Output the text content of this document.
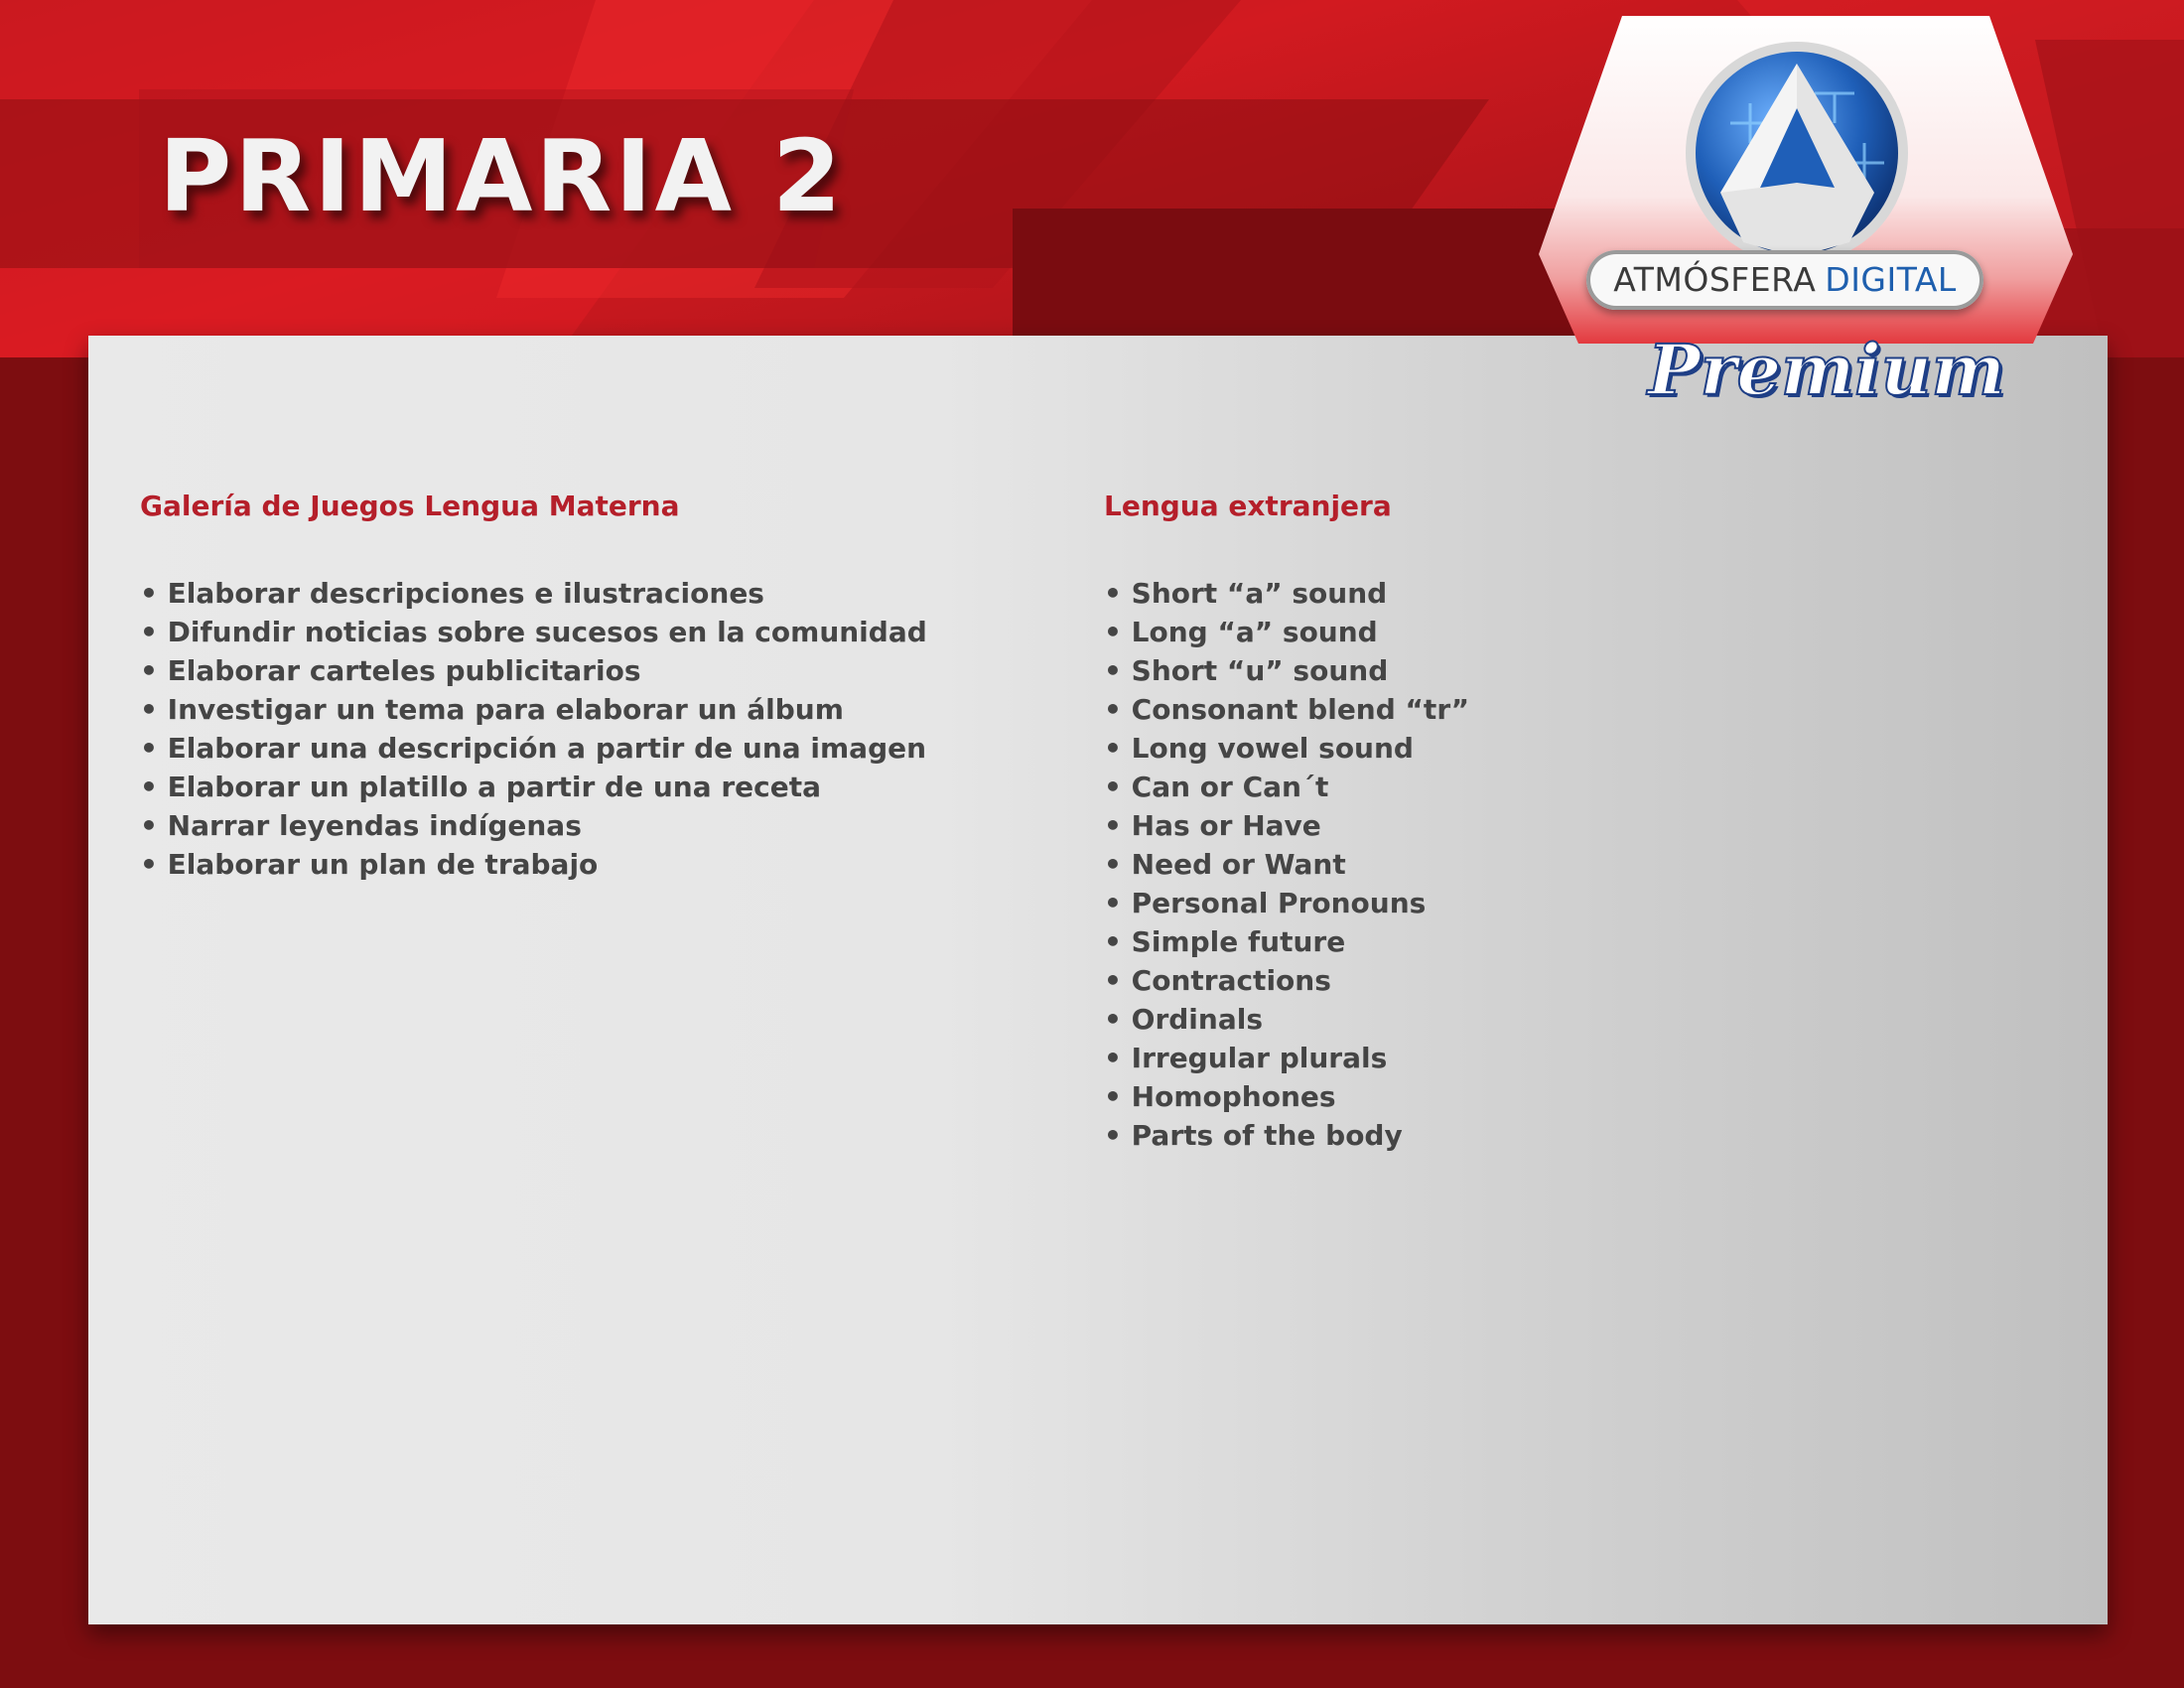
PRIMARIA 2
ATMÓSFERA DIGITAL
Premium
Galería de Juegos Lengua Materna
• Elaborar descripciones e ilustraciones
• Difundir noticias sobre sucesos en la comunidad
• Elaborar carteles publicitarios
• Investigar un tema para elaborar un álbum
• Elaborar una descripción a partir de una imagen
• Elaborar un platillo a partir de una receta
• Narrar leyendas indígenas
• Elaborar un plan de trabajo
Lengua extranjera
• Short “a” sound
• Long “a” sound
• Short “u” sound
• Consonant blend “tr”
• Long vowel sound
• Can or Can´t
• Has or Have
• Need or Want
• Personal Pronouns
• Simple future
• Contractions
• Ordinals
• Irregular plurals
• Homophones
• Parts of the body
